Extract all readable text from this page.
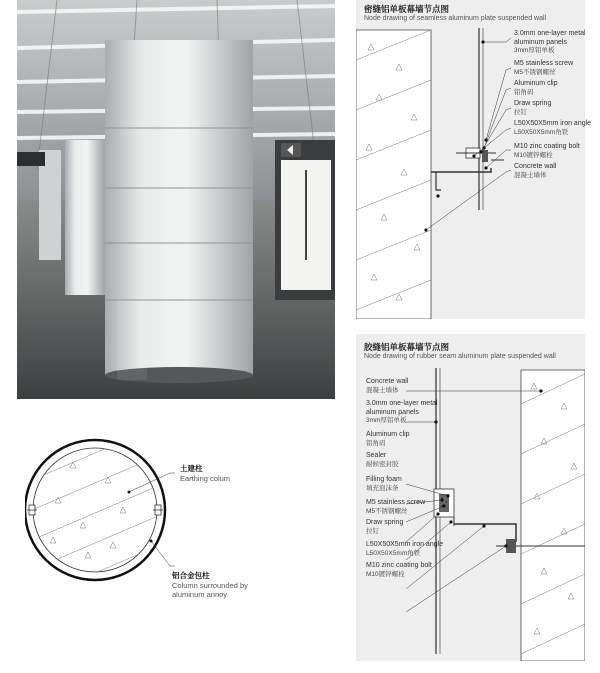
密缝铝单板幕墙节点图
Node drawing of seamless aluminum plate suspended wall
3.0mm one-layer metal
aluminum panels
3mm厚铝单板
M5 stainless screw
M5不锈钢螺丝
Aluminum clip
铝角码
Draw spring
拉钉
L50X50X5mm iron angle
L50X50X5mm角铁
M10 zinc coating bolt
M10镀锌螺栓
Concrete wall
混凝土墙体
胶缝铝单板幕墙节点图
Node drawing of rubber seam aluminum plate suspended wall
Concrete wall
混凝土墙体
3.0mm one-layer metal
aluminum panels
3mm厚铝单板
Aluminum clip
铝角码
Sealer
耐候密封胶
Filling foam
填充泡沫条
M5 stainless screw
M5不锈钢螺丝
Draw spring
拉钉
L50X50X5mm iron angle
L50X50X5mm角铁
M10 zinc coating bolt
M10镀锌螺栓
土建柱
Earthing colum
铝合金包柱
Column surrounded by
aluminum annoy
